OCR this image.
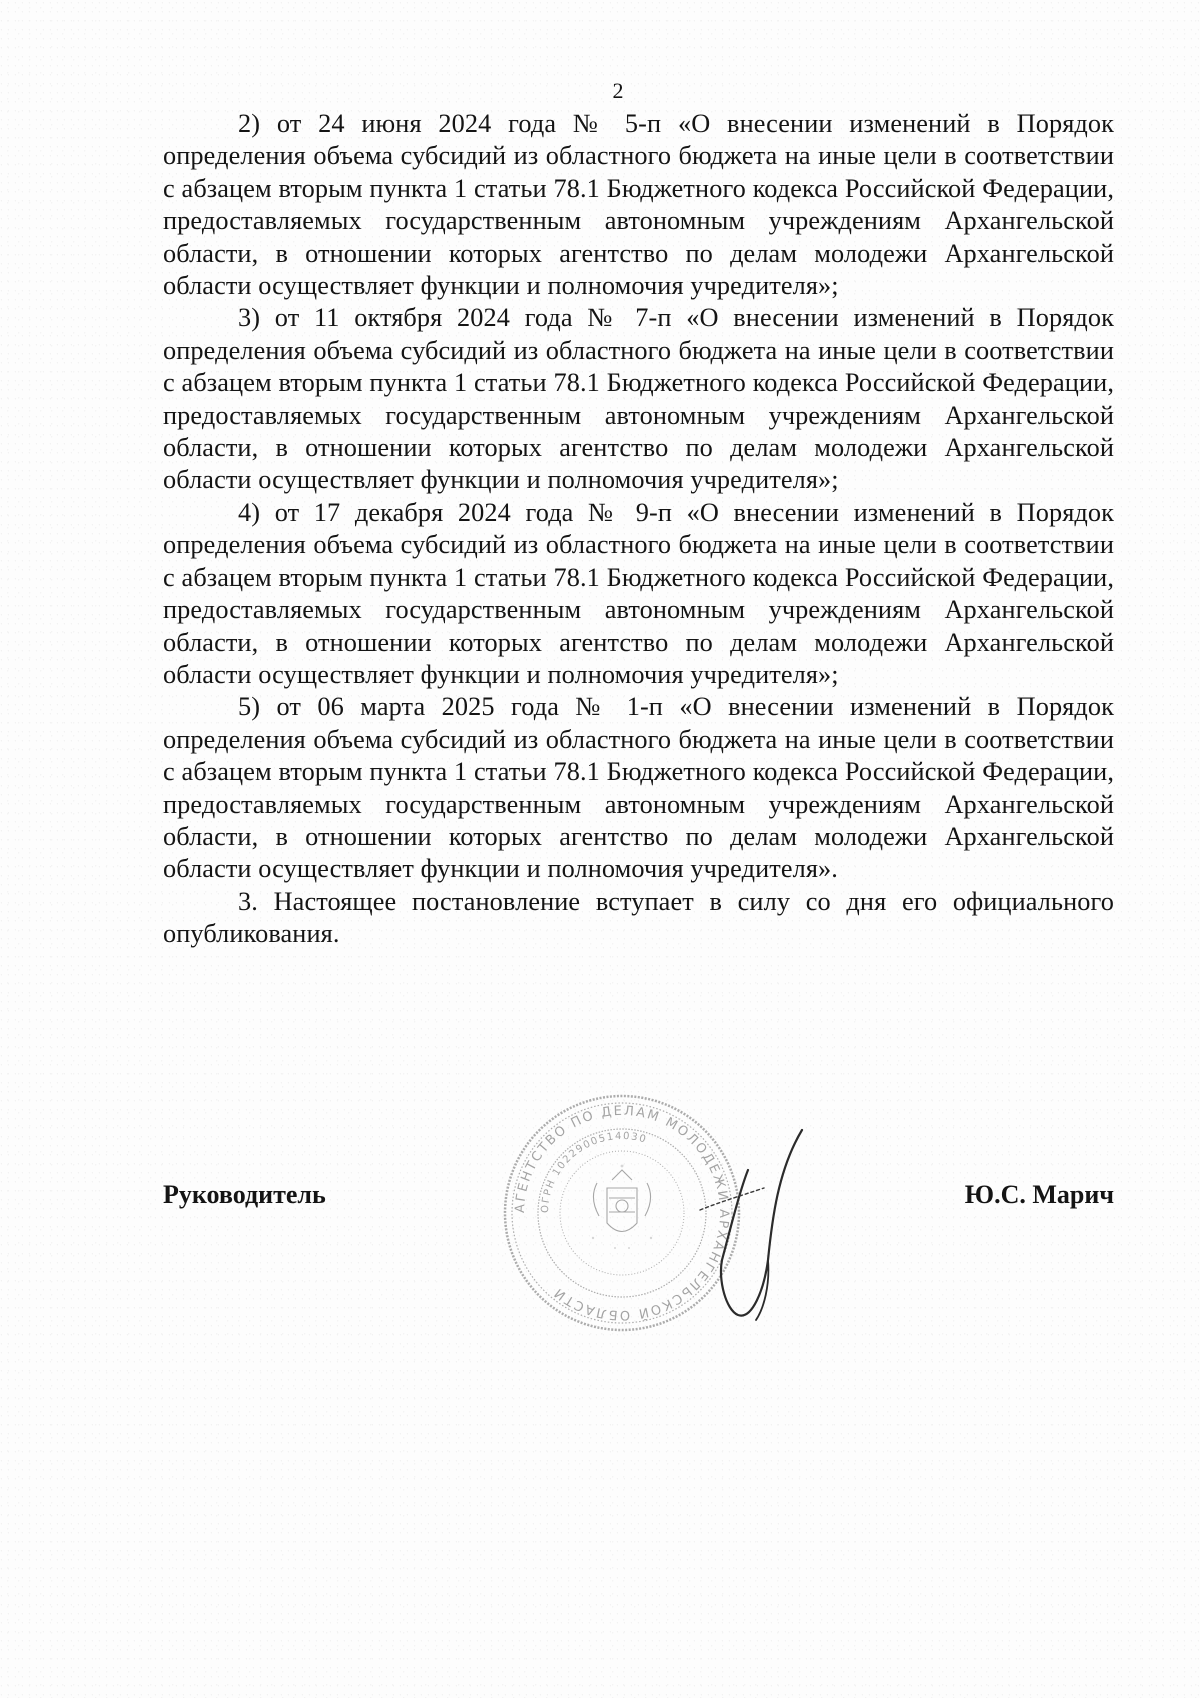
2

2) от 24 июня 2024 года № 5-п «О внесении изменений в Порядок определения объема субсидий из областного бюджета на иные цели в соответствии с абзацем вторым пункта 1 статьи 78.1 Бюджетного кодекса Российской Федерации, предоставляемых государственным автономным учреждениям Архангельской области, в отношении которых агентство по делам молодежи Архангельской области осуществляет функции и полномочия учредителя»;

3) от 11 октября 2024 года № 7-п «О внесении изменений в Порядок определения объема субсидий из областного бюджета на иные цели в соответствии с абзацем вторым пункта 1 статьи 78.1 Бюджетного кодекса Российской Федерации, предоставляемых государственным автономным учреждениям Архангельской области, в отношении которых агентство по делам молодежи Архангельской области осуществляет функции и полномочия учредителя»;

4) от 17 декабря 2024 года № 9-п «О внесении изменений в Порядок определения объема субсидий из областного бюджета на иные цели в соответствии с абзацем вторым пункта 1 статьи 78.1 Бюджетного кодекса Российской Федерации, предоставляемых государственным автономным учреждениям Архангельской области, в отношении которых агентство по делам молодежи Архангельской области осуществляет функции и полномочия учредителя»;

5) от 06 марта 2025 года № 1-п «О внесении изменений в Порядок определения объема субсидий из областного бюджета на иные цели в соответствии с абзацем вторым пункта 1 статьи 78.1 Бюджетного кодекса Российской Федерации, предоставляемых государственным автономным учреждениям Архангельской области, в отношении которых агентство по делам молодежи Архангельской области осуществляет функции и полномочия учредителя».

3. Настоящее постановление вступает в силу со дня его официального опубликования.

АГЕНТСТВО ПО ДЕЛАМ МОЛОДЕЖИ АРХАНГЕЛЬСКОЙ ОБЛАСТИ
ОГРН 1022900514030
Руководитель	Ю.С. Марич
